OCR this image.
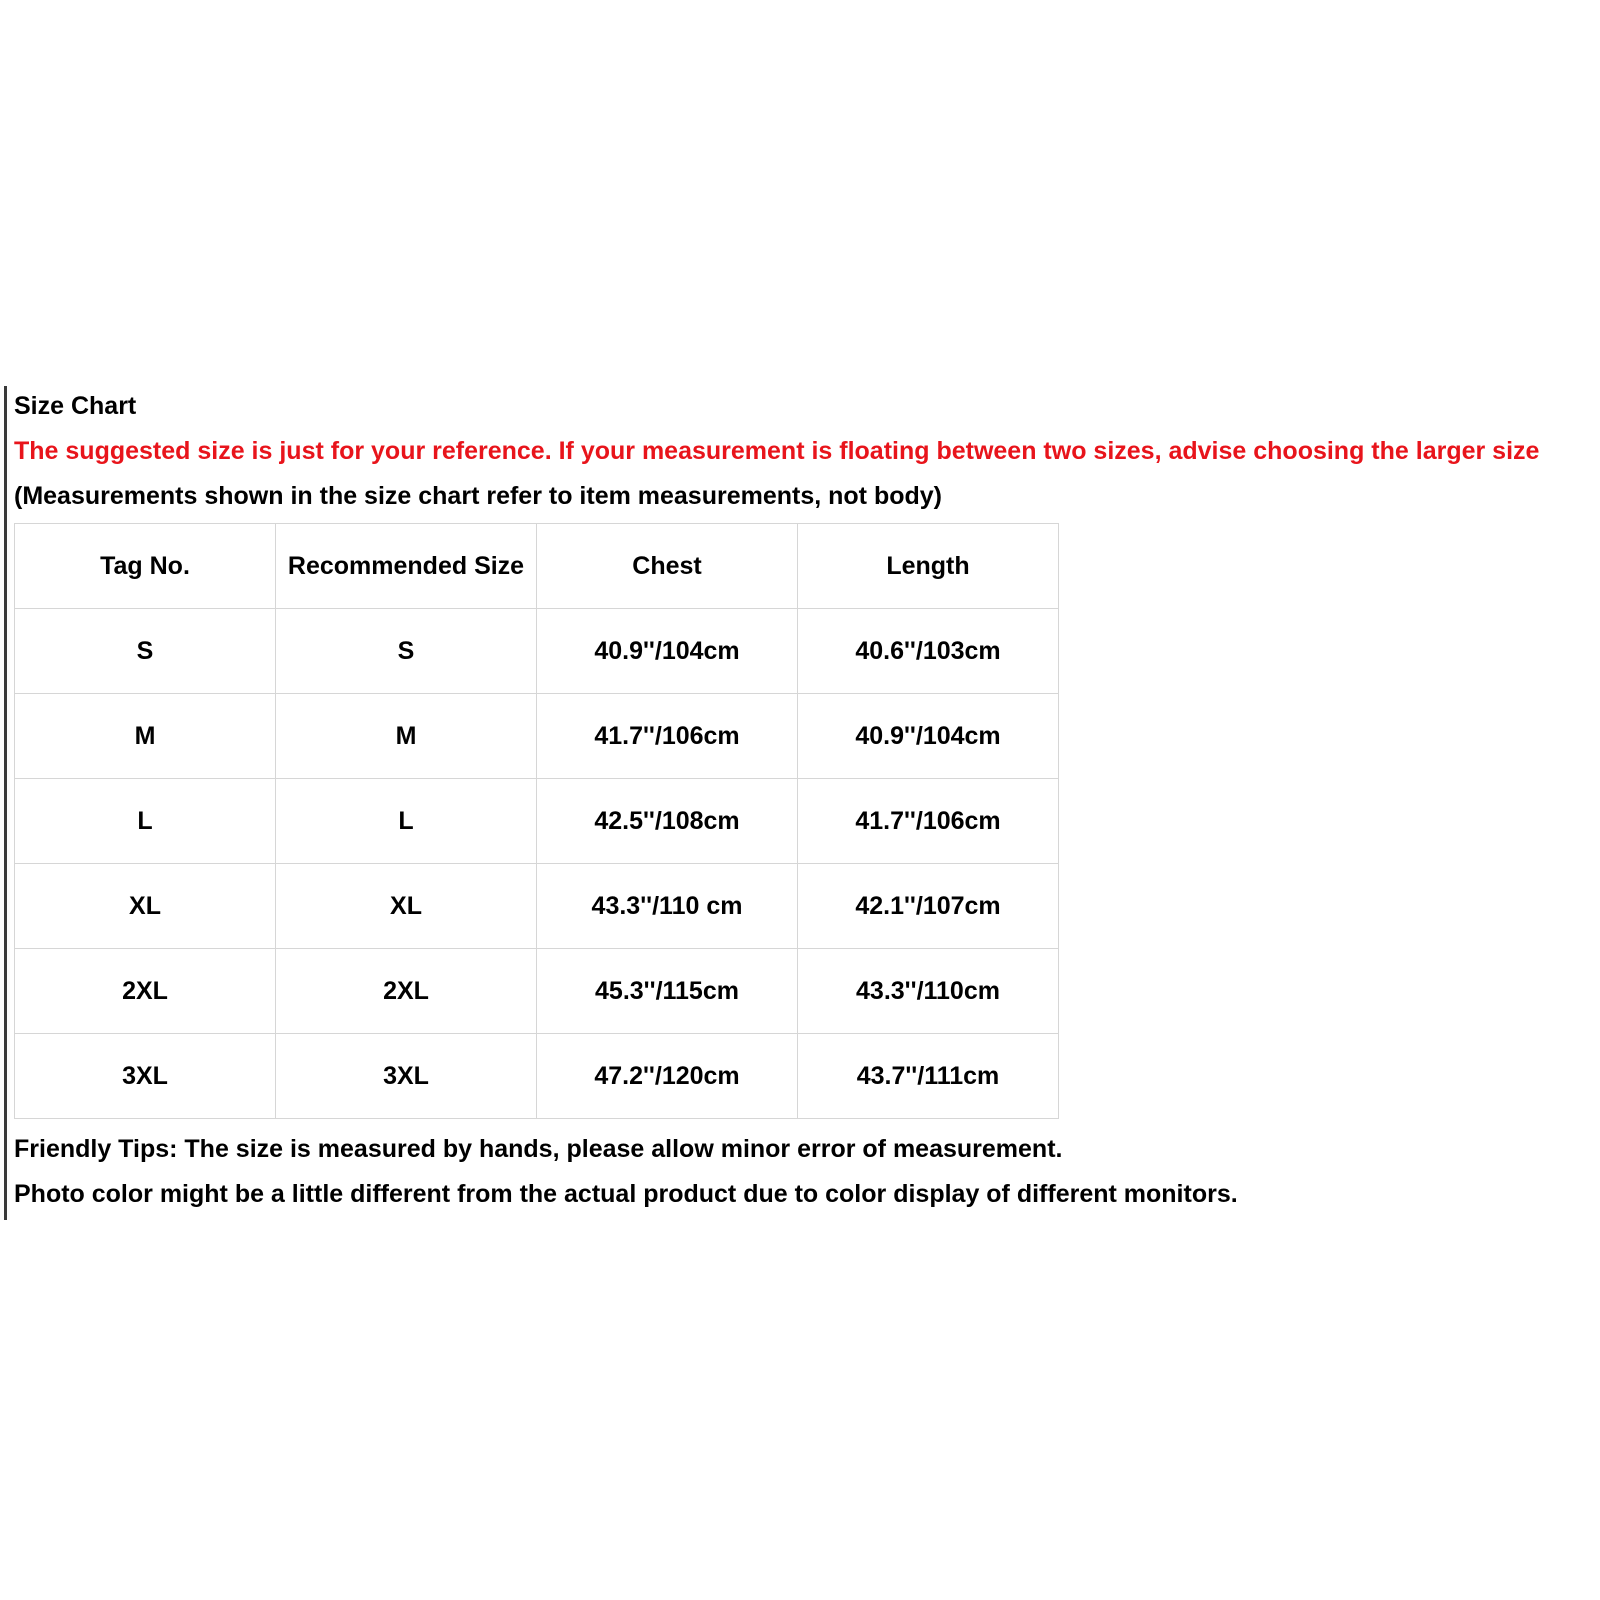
Size Chart
The suggested size is just for your reference. If your measurement is floating between two sizes, advise choosing the larger size
(Measurements shown in the size chart refer to item measurements, not body)
Tag No.	Recommended Size	Chest	Length
S	S	40.9''/104cm	40.6''/103cm
M	M	41.7''/106cm	40.9''/104cm
L	L	42.5''/108cm	41.7''/106cm
XL	XL	43.3''/110 cm	42.1''/107cm
2XL	2XL	45.3''/115cm	43.3''/110cm
3XL	3XL	47.2''/120cm	43.7''/111cm
Friendly Tips: The size is measured by hands, please allow minor error of measurement.
Photo color might be a little different from the actual product due to color display of different monitors.
